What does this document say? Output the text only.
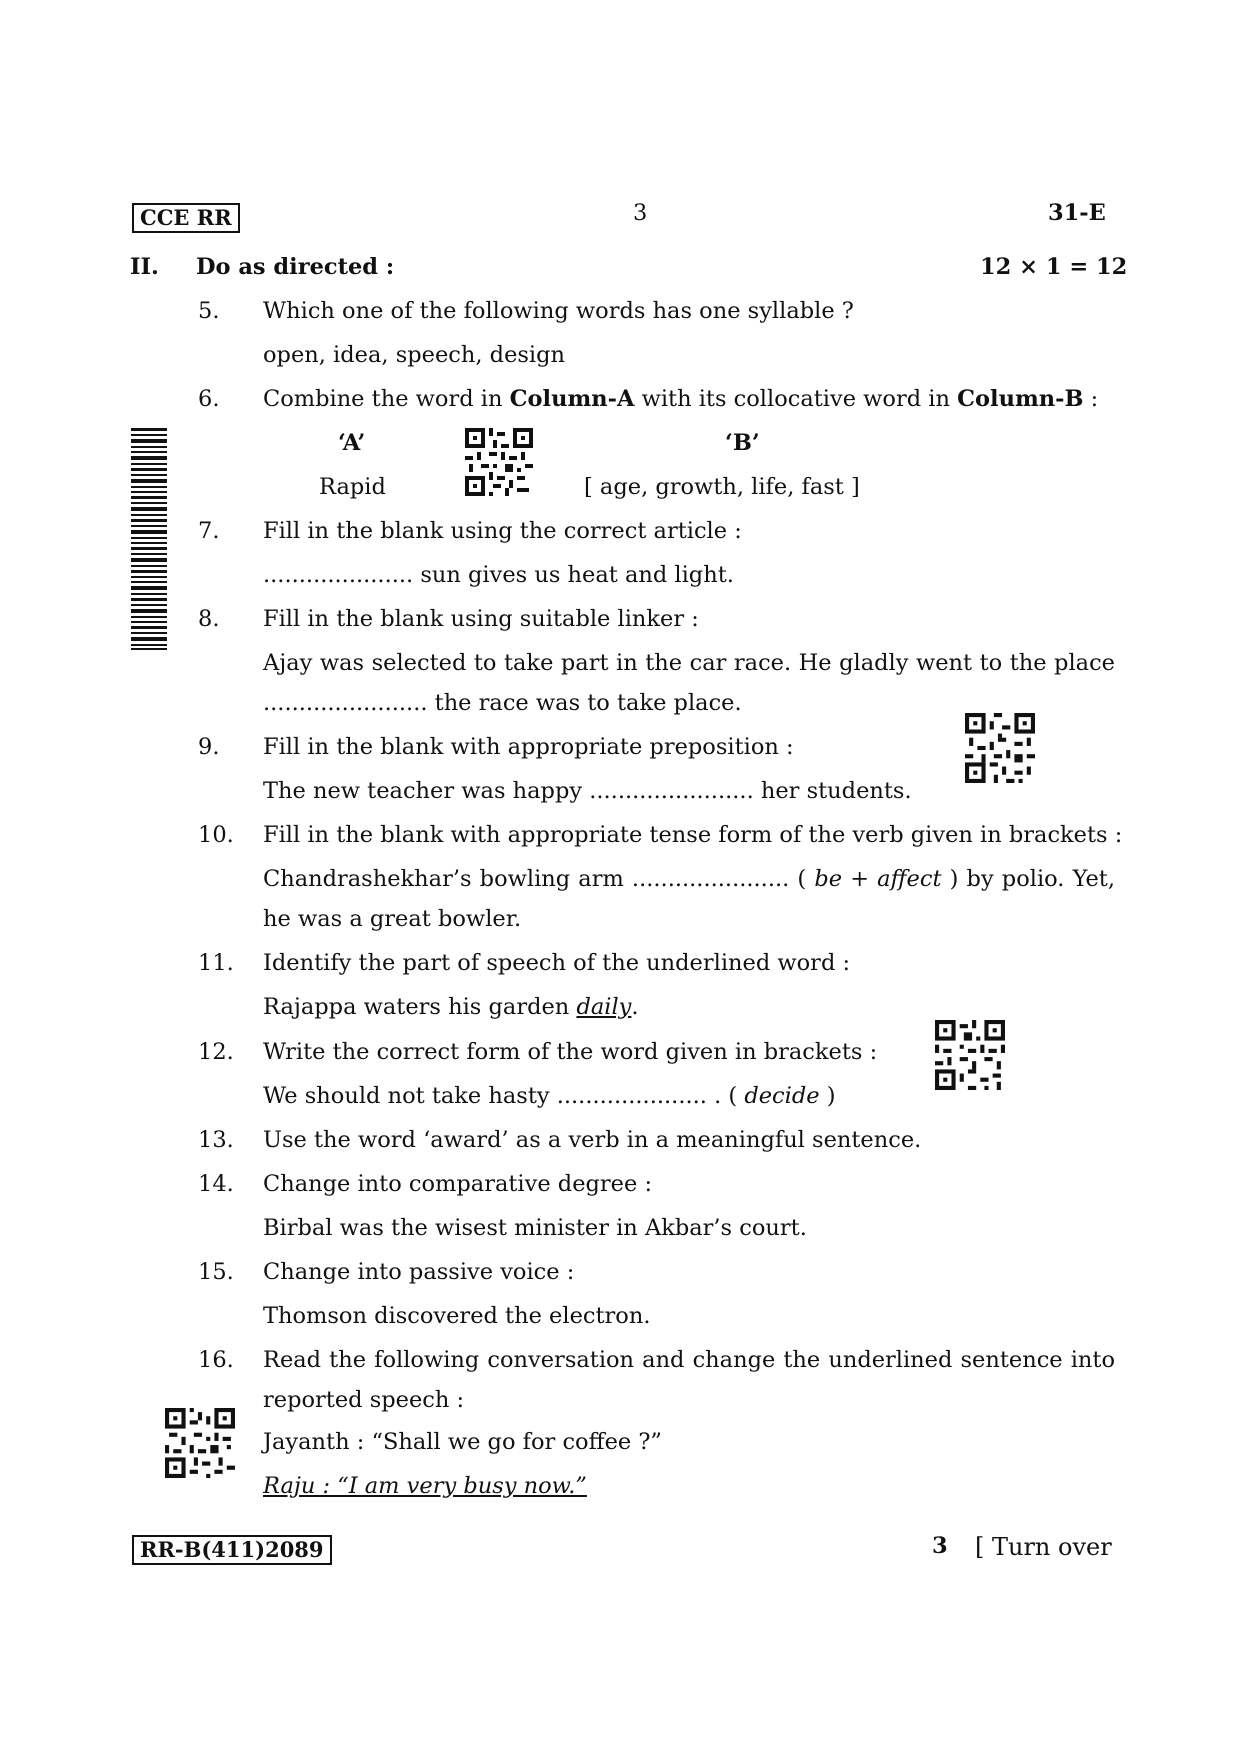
CCE RR	3	31-E
II. Do as directed :	12 × 1 = 12
5. Which one of the following words has one syllable ?
open, idea, speech, design
6. Combine the word in Column-A with its collocative word in Column-B :
‘A’	‘B’
Rapid	[ age, growth, life, fast ]
7. Fill in the blank using the correct article :
..................... sun gives us heat and light.
8. Fill in the blank using suitable linker :
Ajay was selected to take part in the car race. He gladly went to the place
....................... the race was to take place.
9. Fill in the blank with appropriate preposition :
The new teacher was happy ....................... her students.
10. Fill in the blank with appropriate tense form of the verb given in brackets :
Chandrashekhar’s bowling arm ...................... ( be + affect ) by polio. Yet,
he was a great bowler.
11. Identify the part of speech of the underlined word :
Rajappa waters his garden daily.
12. Write the correct form of the word given in brackets :
We should not take hasty ..................... . ( decide )
13. Use the word ‘award’ as a verb in a meaningful sentence.
14. Change into comparative degree :
Birbal was the wisest minister in Akbar’s court.
15. Change into passive voice :
Thomson discovered the electron.
16. Read the following conversation and change the underlined sentence into
reported speech :
Jayanth : “Shall we go for coffee ?”
Raju : “I am very busy now.”
RR-B(411)2089	3 [ Turn over
